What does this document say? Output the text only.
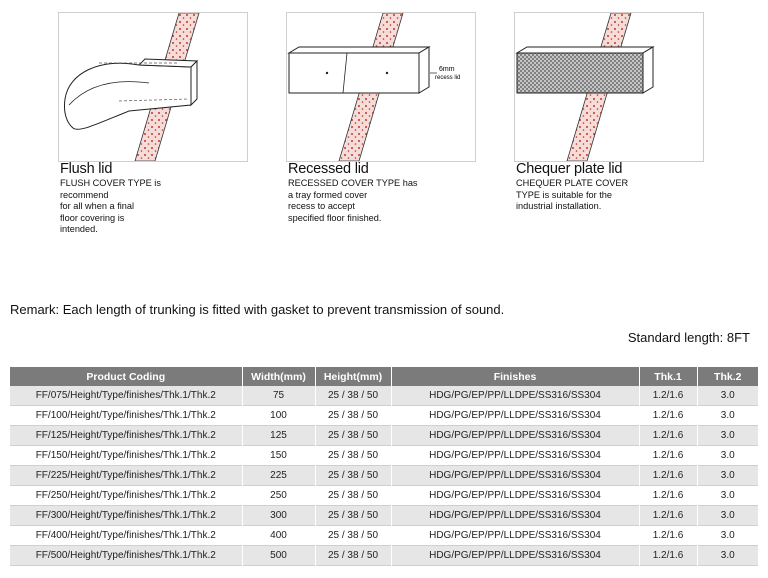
6mm
recess lid
Flush lid
FLUSH COVER TYPE is
recommend
for all when a final
floor covering is
intended.
Recessed lid
RECESSED COVER TYPE has
a tray formed cover
recess to accept
specified floor finished.
Chequer plate lid
CHEQUER PLATE COVER
TYPE is suitable for the
industrial installation.
Remark: Each length of trunking is fitted with gasket to prevent transmission of sound.
Standard length: 8FT
Product Coding	Width(mm)	Height(mm)	Finishes	Thk.1	Thk.2
FF/075/Height/Type/finishes/Thk.1/Thk.2	75	25 / 38 / 50	HDG/PG/EP/PP/LLDPE/SS316/SS304	1.2/1.6	3.0
FF/100/Height/Type/finishes/Thk.1/Thk.2	100	25 / 38 / 50	HDG/PG/EP/PP/LLDPE/SS316/SS304	1.2/1.6	3.0
FF/125/Height/Type/finishes/Thk.1/Thk.2	125	25 / 38 / 50	HDG/PG/EP/PP/LLDPE/SS316/SS304	1.2/1.6	3.0
FF/150/Height/Type/finishes/Thk.1/Thk.2	150	25 / 38 / 50	HDG/PG/EP/PP/LLDPE/SS316/SS304	1.2/1.6	3.0
FF/225/Height/Type/finishes/Thk.1/Thk.2	225	25 / 38 / 50	HDG/PG/EP/PP/LLDPE/SS316/SS304	1.2/1.6	3.0
FF/250/Height/Type/finishes/Thk.1/Thk.2	250	25 / 38 / 50	HDG/PG/EP/PP/LLDPE/SS316/SS304	1.2/1.6	3.0
FF/300/Height/Type/finishes/Thk.1/Thk.2	300	25 / 38 / 50	HDG/PG/EP/PP/LLDPE/SS316/SS304	1.2/1.6	3.0
FF/400/Height/Type/finishes/Thk.1/Thk.2	400	25 / 38 / 50	HDG/PG/EP/PP/LLDPE/SS316/SS304	1.2/1.6	3.0
FF/500/Height/Type/finishes/Thk.1/Thk.2	500	25 / 38 / 50	HDG/PG/EP/PP/LLDPE/SS316/SS304	1.2/1.6	3.0
